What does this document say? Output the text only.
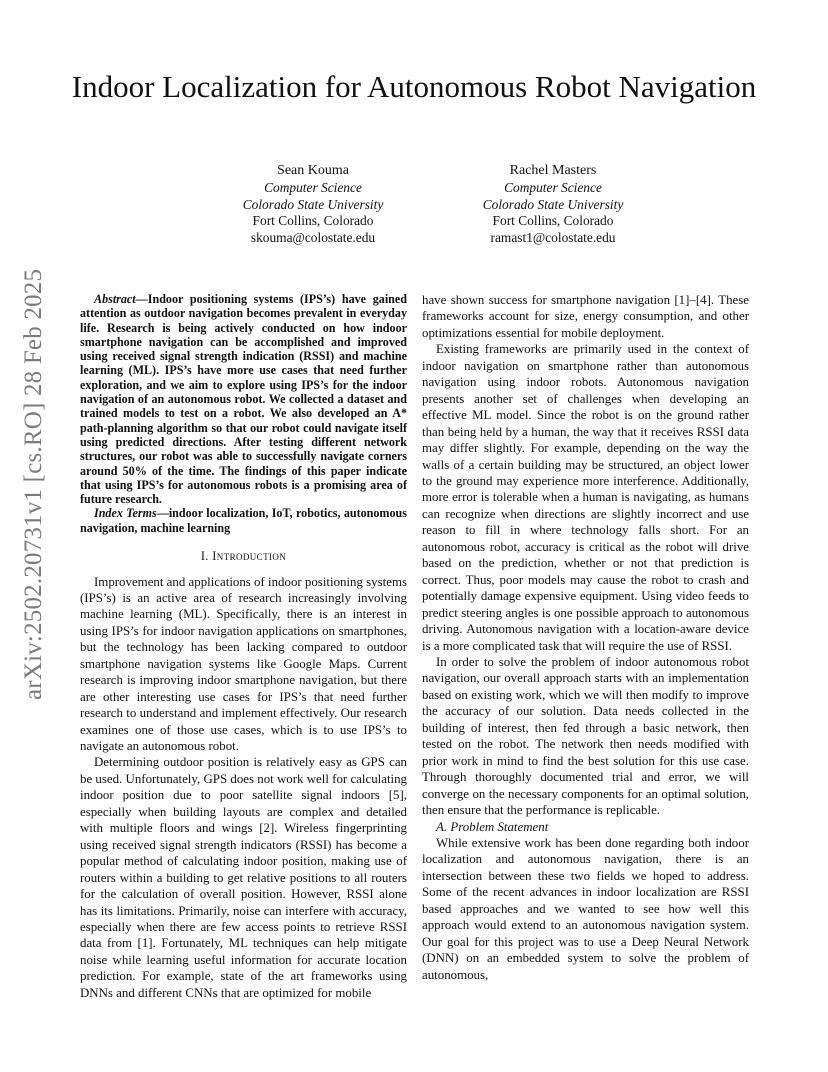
arXiv:2502.20731v1 [cs.RO] 28 Feb 2025
Indoor Localization for Autonomous Robot Navigation
Sean Kouma
Computer Science
Colorado State University
Fort Collins, Colorado
skouma@colostate.edu
Rachel Masters
Computer Science
Colorado State University
Fort Collins, Colorado
ramast1@colostate.edu

Abstract—Indoor positioning systems (IPS’s) have gained attention as outdoor navigation becomes prevalent in everyday life. Research is being actively conducted on how indoor smartphone navigation can be accomplished and improved using received signal strength indication (RSSI) and machine learning (ML). IPS’s have more use cases that need further exploration, and we aim to explore using IPS’s for the indoor navigation of an autonomous robot. We collected a dataset and trained models to test on a robot. We also developed an A* path-planning algorithm so that our robot could navigate itself using predicted directions. After testing different network structures, our robot was able to successfully navigate corners around 50% of the time. The findings of this paper indicate that using IPS’s for autonomous robots is a promising area of future research.

Index Terms—indoor localization, IoT, robotics, autonomous navigation, machine learning

I. Introduction

Improvement and applications of indoor positioning systems (IPS’s) is an active area of research increasingly involving machine learning (ML). Specifically, there is an interest in using IPS’s for indoor navigation applications on smartphones, but the technology has been lacking compared to outdoor smartphone navigation systems like Google Maps. Current research is improving indoor smartphone navigation, but there are other interesting use cases for IPS’s that need further research to understand and implement effectively. Our research examines one of those use cases, which is to use IPS’s to navigate an autonomous robot.

Determining outdoor position is relatively easy as GPS can be used. Unfortunately, GPS does not work well for calculating indoor position due to poor satellite signal indoors [5], especially when building layouts are complex and detailed with multiple floors and wings [2]. Wireless fingerprinting using received signal strength indicators (RSSI) has become a popular method of calculating indoor position, making use of routers within a building to get relative positions to all routers for the calculation of overall position. However, RSSI alone has its limitations. Primarily, noise can interfere with accuracy, especially when there are few access points to retrieve RSSI data from [1]. Fortunately, ML techniques can help mitigate noise while learning useful information for accurate location prediction. For example, state of the art frameworks using DNNs and different CNNs that are optimized for mobile

have shown success for smartphone navigation [1]–[4]. These frameworks account for size, energy consumption, and other optimizations essential for mobile deployment.

Existing frameworks are primarily used in the context of indoor navigation on smartphone rather than autonomous navigation using indoor robots. Autonomous navigation presents another set of challenges when developing an effective ML model. Since the robot is on the ground rather than being held by a human, the way that it receives RSSI data may differ slightly. For example, depending on the way the walls of a certain building may be structured, an object lower to the ground may experience more interference. Additionally, more error is tolerable when a human is navigating, as humans can recognize when directions are slightly incorrect and use reason to fill in where technology falls short. For an autonomous robot, accuracy is critical as the robot will drive based on the prediction, whether or not that prediction is correct. Thus, poor models may cause the robot to crash and potentially damage expensive equipment. Using video feeds to predict steering angles is one possible approach to autonomous driving. Autonomous navigation with a location-aware device is a more complicated task that will require the use of RSSI.

In order to solve the problem of indoor autonomous robot navigation, our overall approach starts with an implementation based on existing work, which we will then modify to improve the accuracy of our solution. Data needs collected in the building of interest, then fed through a basic network, then tested on the robot. The network then needs modified with prior work in mind to find the best solution for this use case. Through thoroughly documented trial and error, we will converge on the necessary components for an optimal solution, then ensure that the performance is replicable.

A. Problem Statement

While extensive work has been done regarding both indoor localization and autonomous navigation, there is an intersection between these two fields we hoped to address. Some of the recent advances in indoor localization are RSSI based approaches and we wanted to see how well this approach would extend to an autonomous navigation system. Our goal for this project was to use a Deep Neural Network (DNN) on an embedded system to solve the problem of autonomous,
